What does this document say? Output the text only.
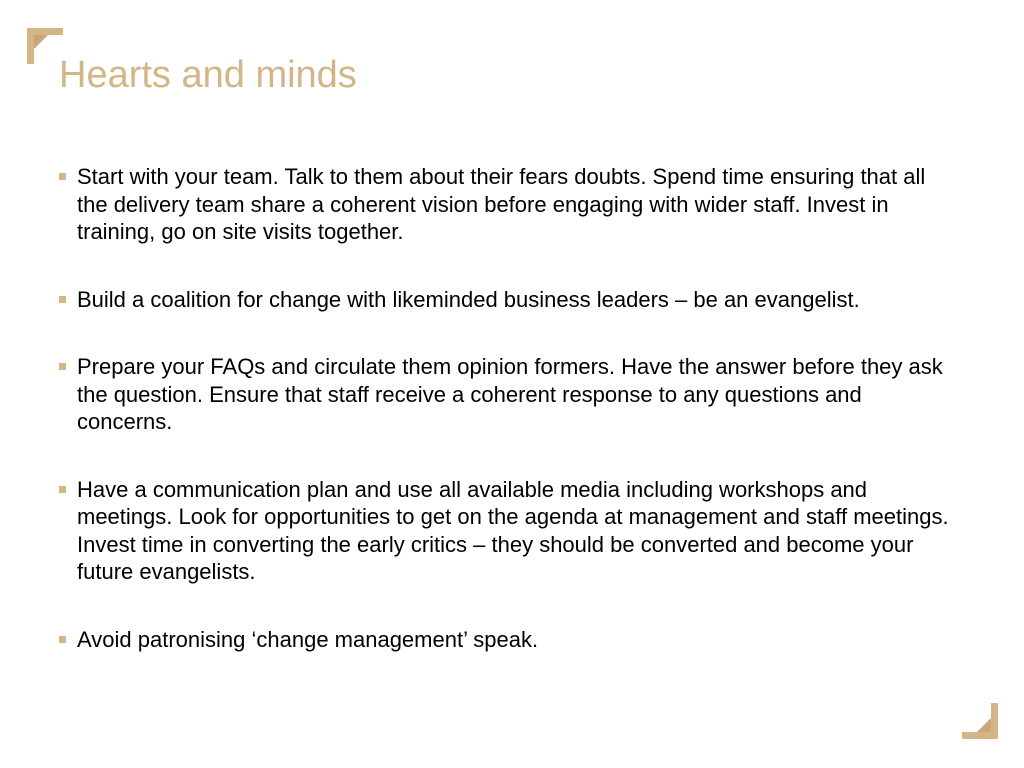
Hearts and minds
Start with your team. Talk to them about their fears doubts. Spend time ensuring that all the delivery team share a coherent vision before engaging with wider staff. Invest in training, go on site visits together.
Build a coalition for change with likeminded business leaders – be an evangelist.
Prepare your FAQs and circulate them opinion formers. Have the answer before they ask the question. Ensure that staff receive a coherent response to any questions and concerns.
Have a communication plan and use all available media including workshops and meetings. Look for opportunities to get on the agenda at management and staff meetings. Invest time in converting the early critics – they should be converted and become your future evangelists.
Avoid patronising ‘change management’ speak.
